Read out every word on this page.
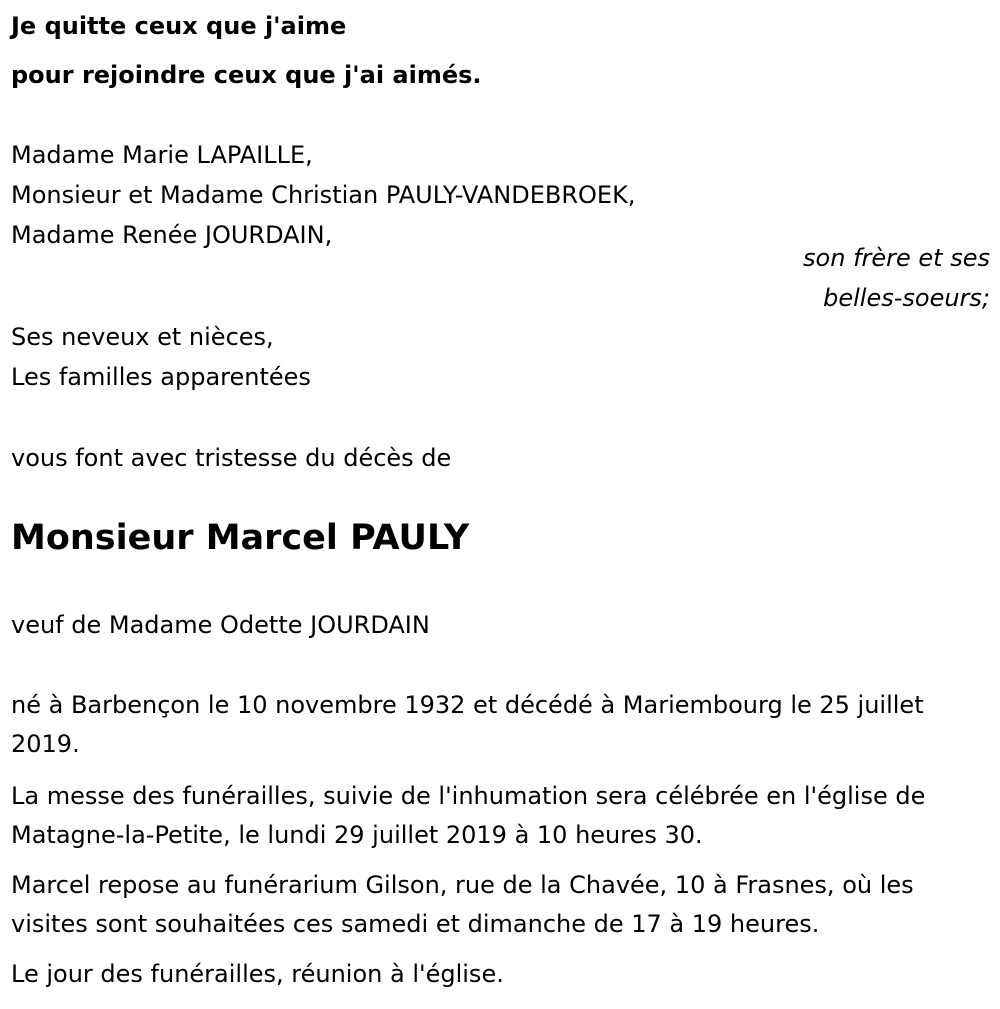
Je quitte ceux que j'aime
pour rejoindre ceux que j'ai aimés.
Madame Marie LAPAILLE,
Monsieur et Madame Christian PAULY-VANDEBROEK,
Madame Renée JOURDAIN,
son frère et ses
belles-soeurs;
Ses neveux et nièces,
Les familles apparentées
vous font avec tristesse du décès de
Monsieur Marcel PAULY
veuf de Madame Odette JOURDAIN
né à Barbençon le 10 novembre 1932 et décédé à Mariembourg le 25 juillet 2019.
La messe des funérailles, suivie de l'inhumation sera célébrée en l'église de Matagne-la-Petite, le lundi 29 juillet 2019 à 10 heures 30.
Marcel repose au funérarium Gilson, rue de la Chavée, 10 à Frasnes, où les visites sont souhaitées ces samedi et dimanche de 17 à 19 heures.
Le jour des funérailles, réunion à l'église.
